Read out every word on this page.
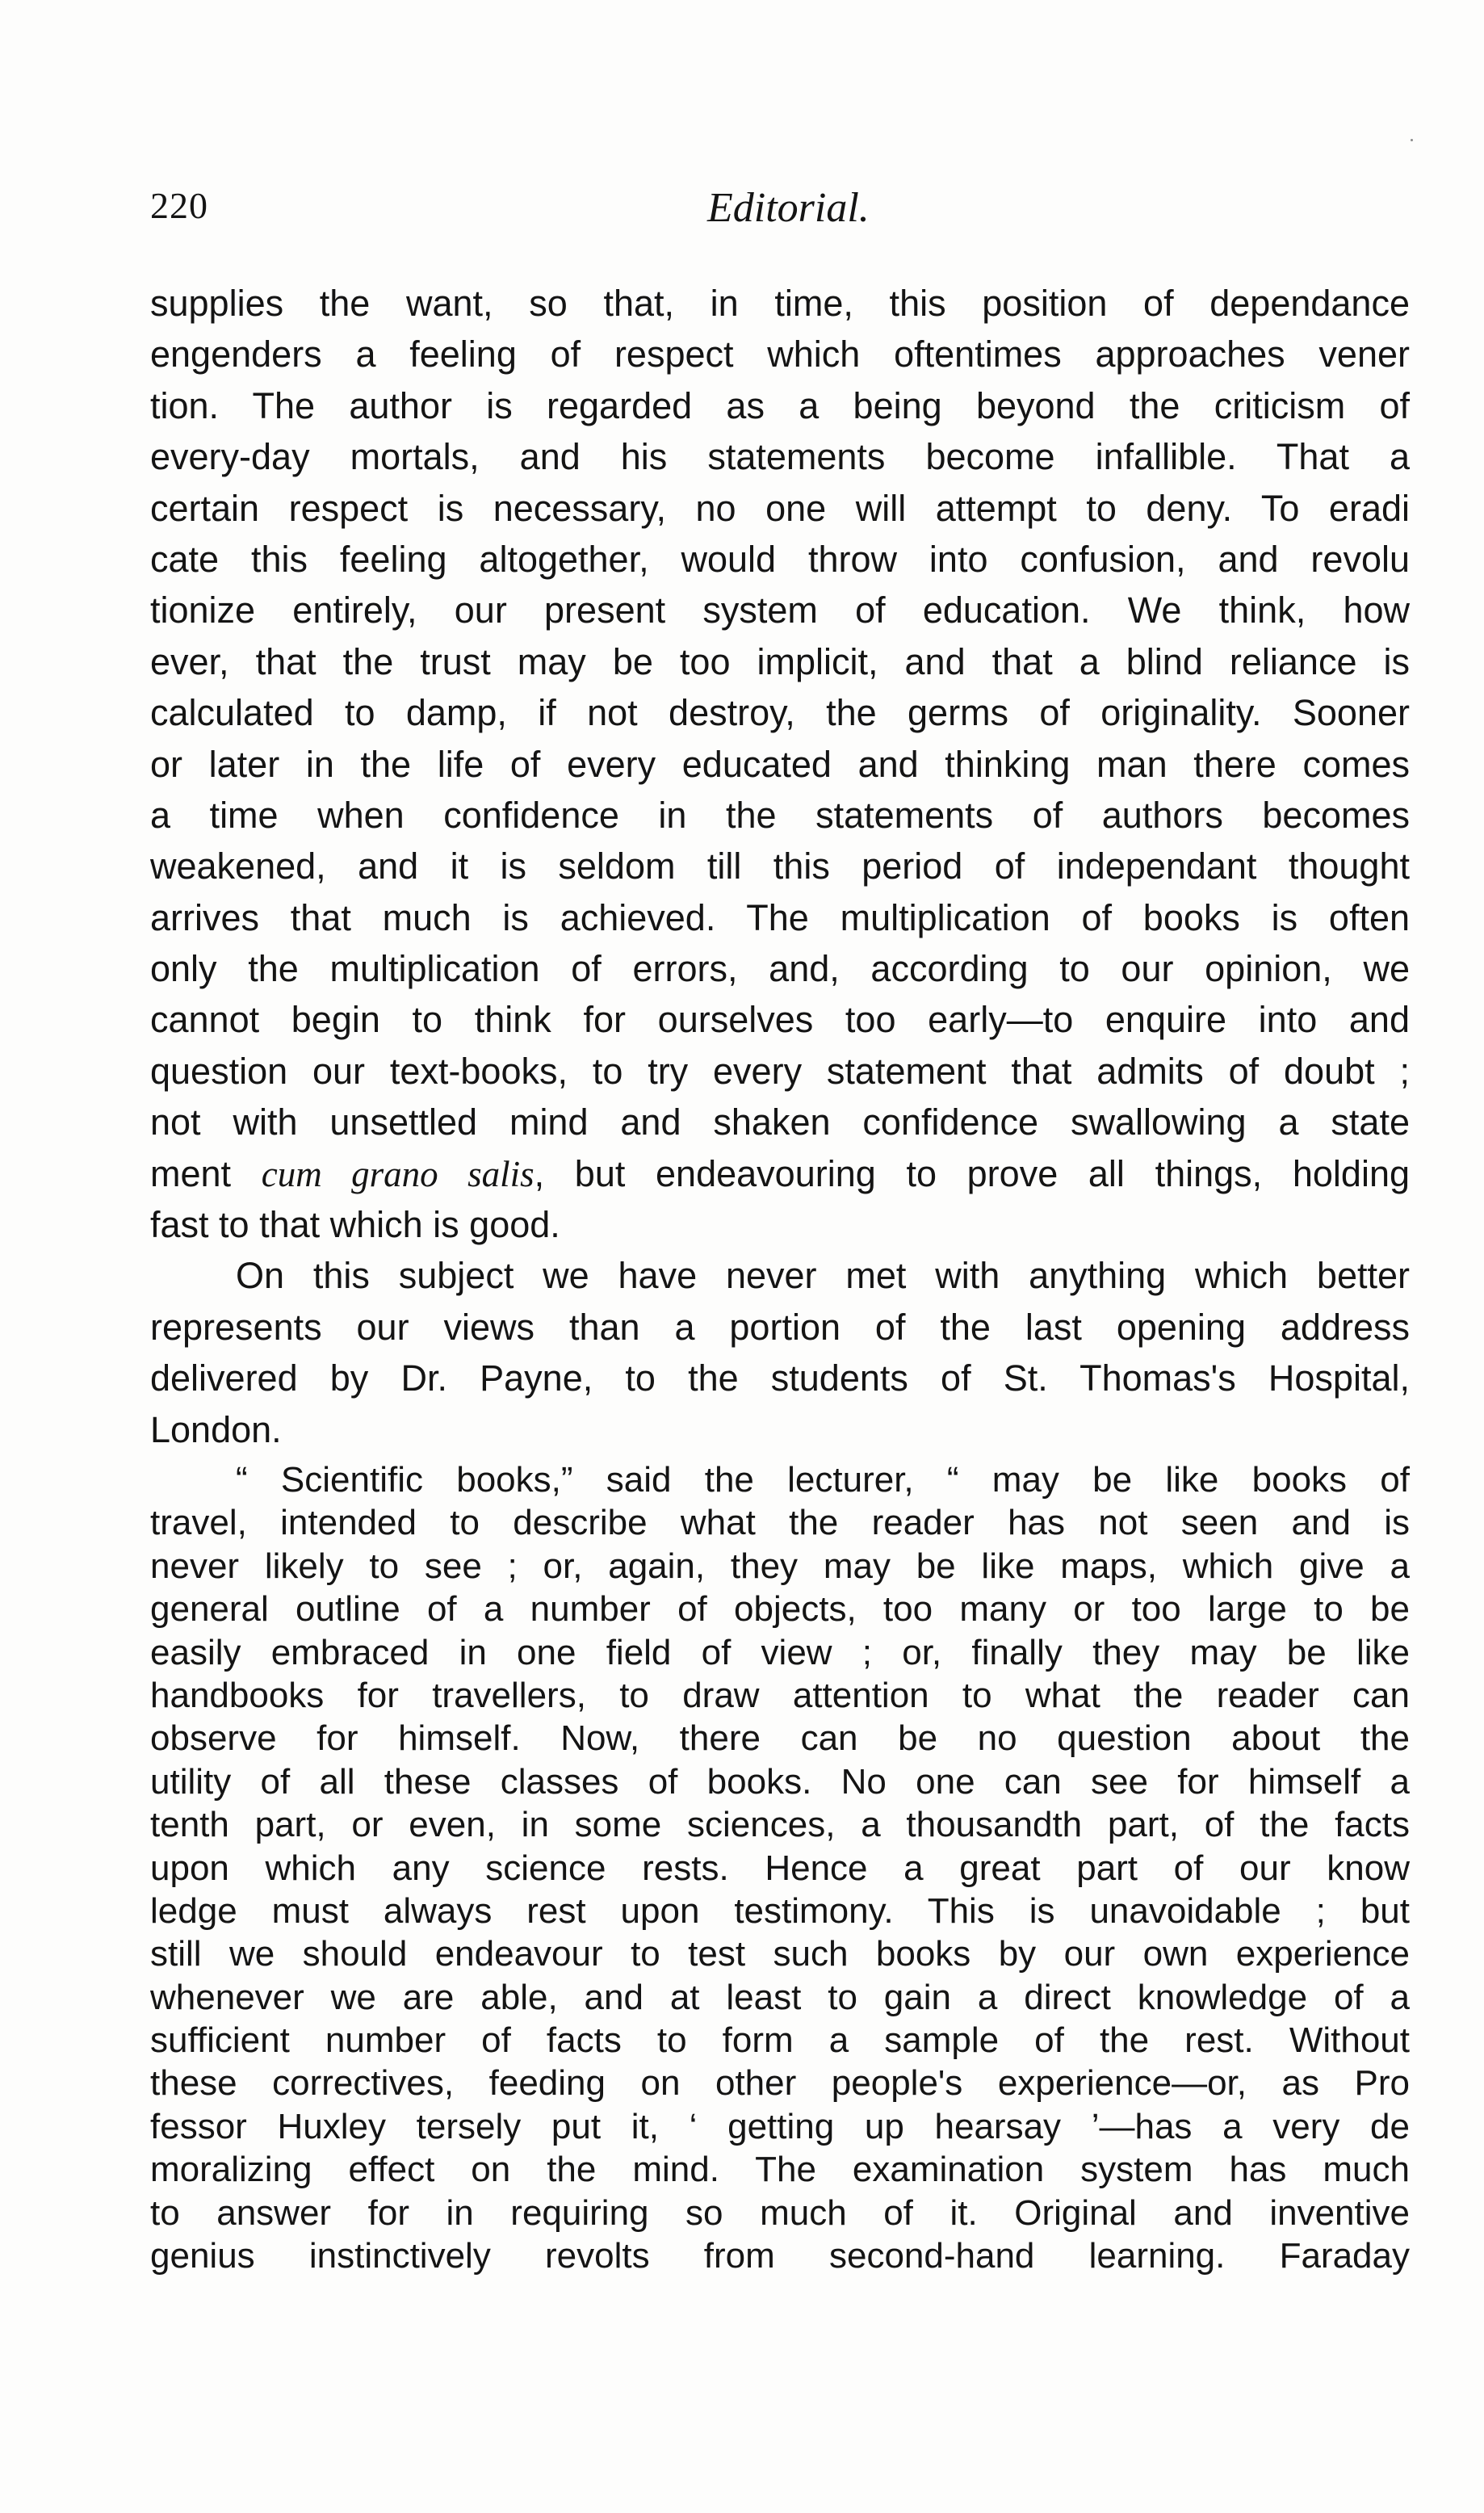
220	Editorial.
supplies the want, so that, in time, this position of dependance
engenders a feeling of respect which oftentimes approaches vener
tion. The author is regarded as a being beyond the criticism of
every-day mortals, and his statements become infallible. That a
certain respect is necessary, no one will attempt to deny. To eradi
cate this feeling altogether, would throw into confusion, and revolu
tionize entirely, our present system of education. We think, how
ever, that the trust may be too implicit, and that a blind reliance is
calculated to damp, if not destroy, the germs of originality. Sooner
or later in the life of every educated and thinking man there comes
a time when confidence in the statements of authors becomes
weakened, and it is seldom till this period of independant thought
arrives that much is achieved. The multiplication of books is often
only the multiplication of errors, and, according to our opinion, we
cannot begin to think for ourselves too early—to enquire into and
question our text-books, to try every statement that admits of doubt ;
not with unsettled mind and shaken confidence swallowing a state
ment cum grano salis, but endeavouring to prove all things, holding
fast to that which is good.
On this subject we have never met with anything which better
represents our views than a portion of the last opening address
delivered by Dr. Payne, to the students of St. Thomas's Hospital,
London.
“ Scientific books,” said the lecturer, “ may be like books of
travel, intended to describe what the reader has not seen and is
never likely to see ; or, again, they may be like maps, which give a
general outline of a number of objects, too many or too large to be
easily embraced in one field of view ; or, finally they may be like
handbooks for travellers, to draw attention to what the reader can
observe for himself. Now, there can be no question about the
utility of all these classes of books. No one can see for himself a
tenth part, or even, in some sciences, a thousandth part, of the facts
upon which any science rests. Hence a great part of our know
ledge must always rest upon testimony. This is unavoidable ; but
still we should endeavour to test such books by our own experience
whenever we are able, and at least to gain a direct knowledge of a
sufficient number of facts to form a sample of the rest. Without
these correctives, feeding on other people's experience—or, as Pro
fessor Huxley tersely put it, ‘ getting up hearsay ’—has a very de
moralizing effect on the mind. The examination system has much
to answer for in requiring so much of it. Original and inventive
genius instinctively revolts from second-hand learning. Faraday
